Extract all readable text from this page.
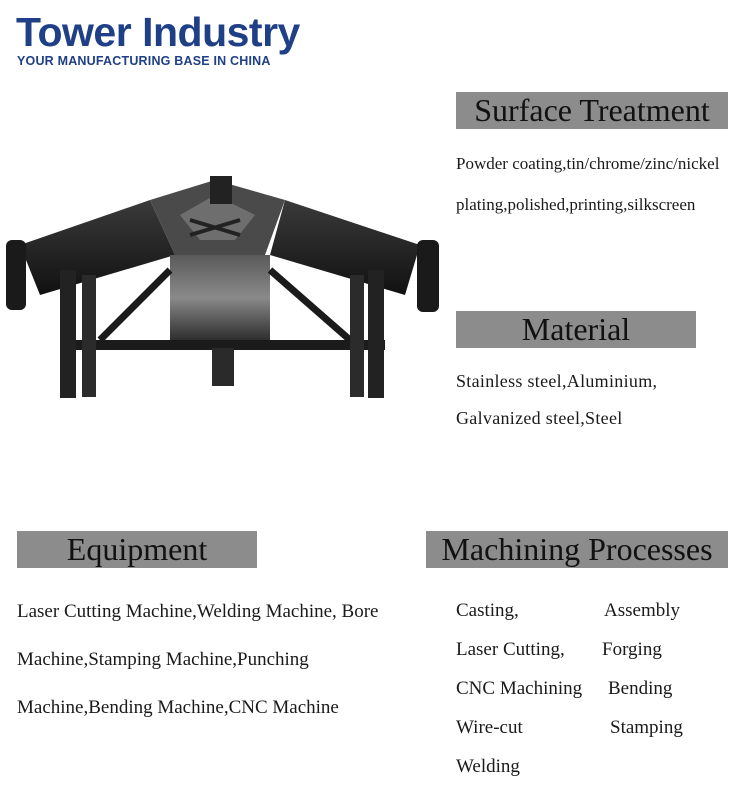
Tower Industry
YOUR MANUFACTURING BASE IN CHINA
Surface Treatment
Powder coating,tin/chrome/zinc/nickel plating,polished,printing,silkscreen
Material
Stainless steel,Aluminium, Galvanized steel,Steel
Equipment
Laser Cutting Machine,Welding Machine, Bore Machine,Stamping Machine,Punching Machine,Bending Machine,CNC Machine
Machining Processes
Casting,	Assembly
Laser Cutting, Forging
CNC Machining Bending
Wire-cut	Stamping
Welding
